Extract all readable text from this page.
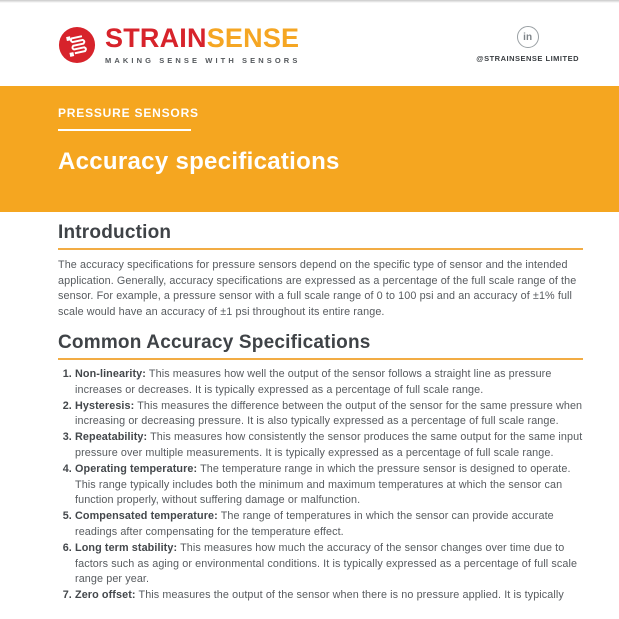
STRAINSENSE
MAKING SENSE WITH SENSORS
in
@STRAINSENSE LIMITED
PRESSURE SENSORS
Accuracy specifications
Introduction

The accuracy specifications for pressure sensors depend on the specific type of sensor and the intended application. Generally, accuracy specifications are expressed as a percentage of the full scale range of the sensor. For example, a pressure sensor with a full scale range of 0 to 100 psi and an accuracy of ±1% full scale would have an accuracy of ±1 psi throughout its entire range.

Common Accuracy Specifications
1. Non-linearity: This measures how well the output of the sensor follows a straight line as pressure increases or decreases. It is typically expressed as a percentage of full scale range.
2. Hysteresis: This measures the difference between the output of the sensor for the same pressure when increasing or decreasing pressure. It is also typically expressed as a percentage of full scale range.
3. Repeatability: This measures how consistently the sensor produces the same output for the same input pressure over multiple measurements. It is typically expressed as a percentage of full scale range.
4. Operating temperature: The temperature range in which the pressure sensor is designed to operate. This range typically includes both the minimum and maximum temperatures at which the sensor can function properly, without suffering damage or malfunction.
5. Compensated temperature: The range of temperatures in which the sensor can provide accurate readings after compensating for the temperature effect.
6. Long term stability: This measures how much the accuracy of the sensor changes over time due to factors such as aging or environmental conditions. It is typically expressed as a percentage of full scale range per year.
7. Zero offset: This measures the output of the sensor when there is no pressure applied. It is typically
